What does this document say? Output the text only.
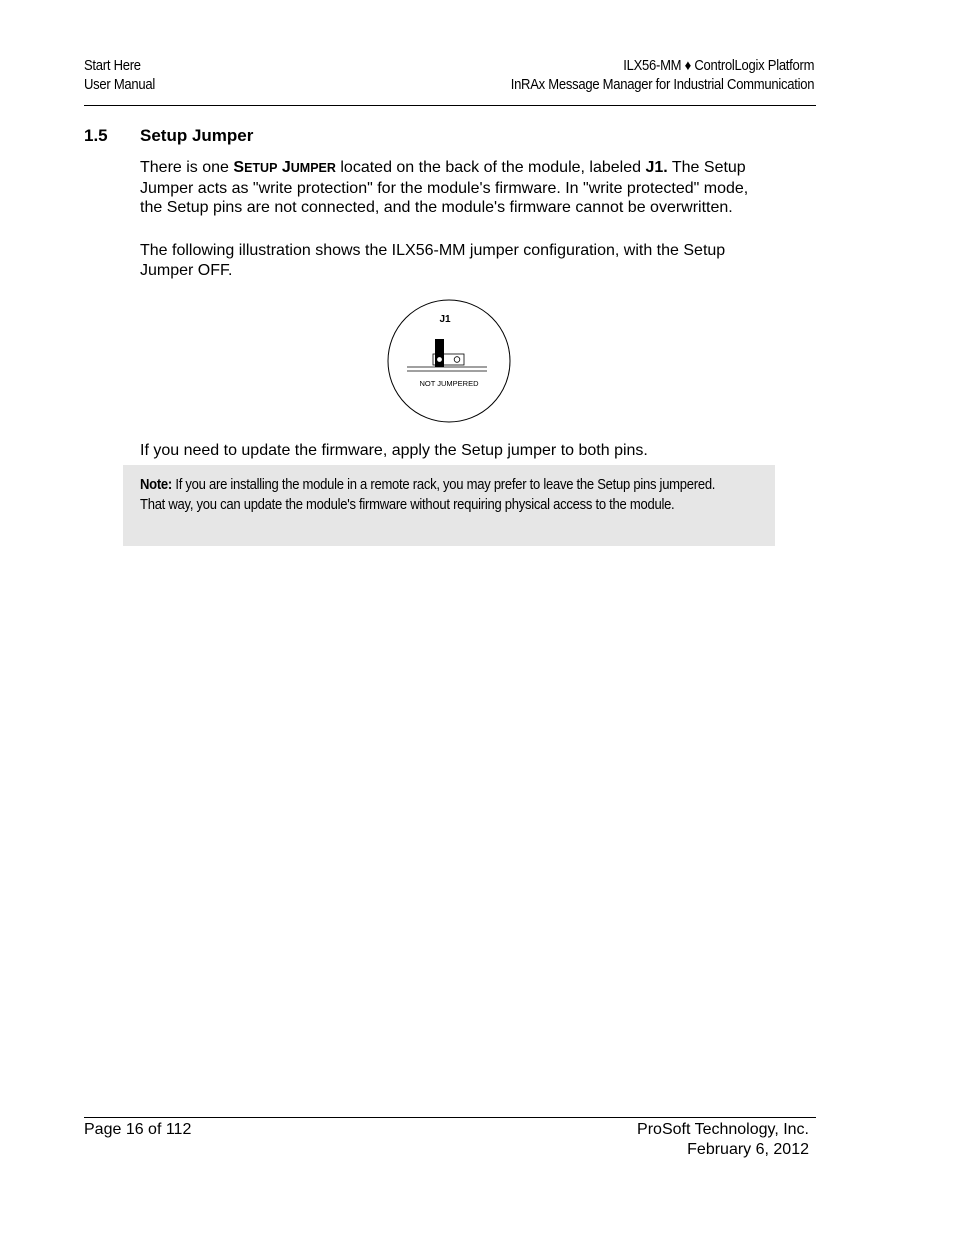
Start Here
User Manual
ILX56-MM ♦ ControlLogix Platform
InRAx Message Manager for Industrial Communication
1.5 Setup Jumper
There is one SETUP JUMPER located on the back of the module, labeled J1. The Setup Jumper acts as "write protection" for the module's firmware. In "write protected" mode, the Setup pins are not connected, and the module's firmware cannot be overwritten.
The following illustration shows the ILX56-MM jumper configuration, with the Setup Jumper OFF.
J1
NOT JUMPERED
If you need to update the firmware, apply the Setup jumper to both pins.
Note: If you are installing the module in a remote rack, you may prefer to leave the Setup pins jumpered. That way, you can update the module's firmware without requiring physical access to the module.
Page 16 of 112	ProSoft Technology, Inc.
February 6, 2012
